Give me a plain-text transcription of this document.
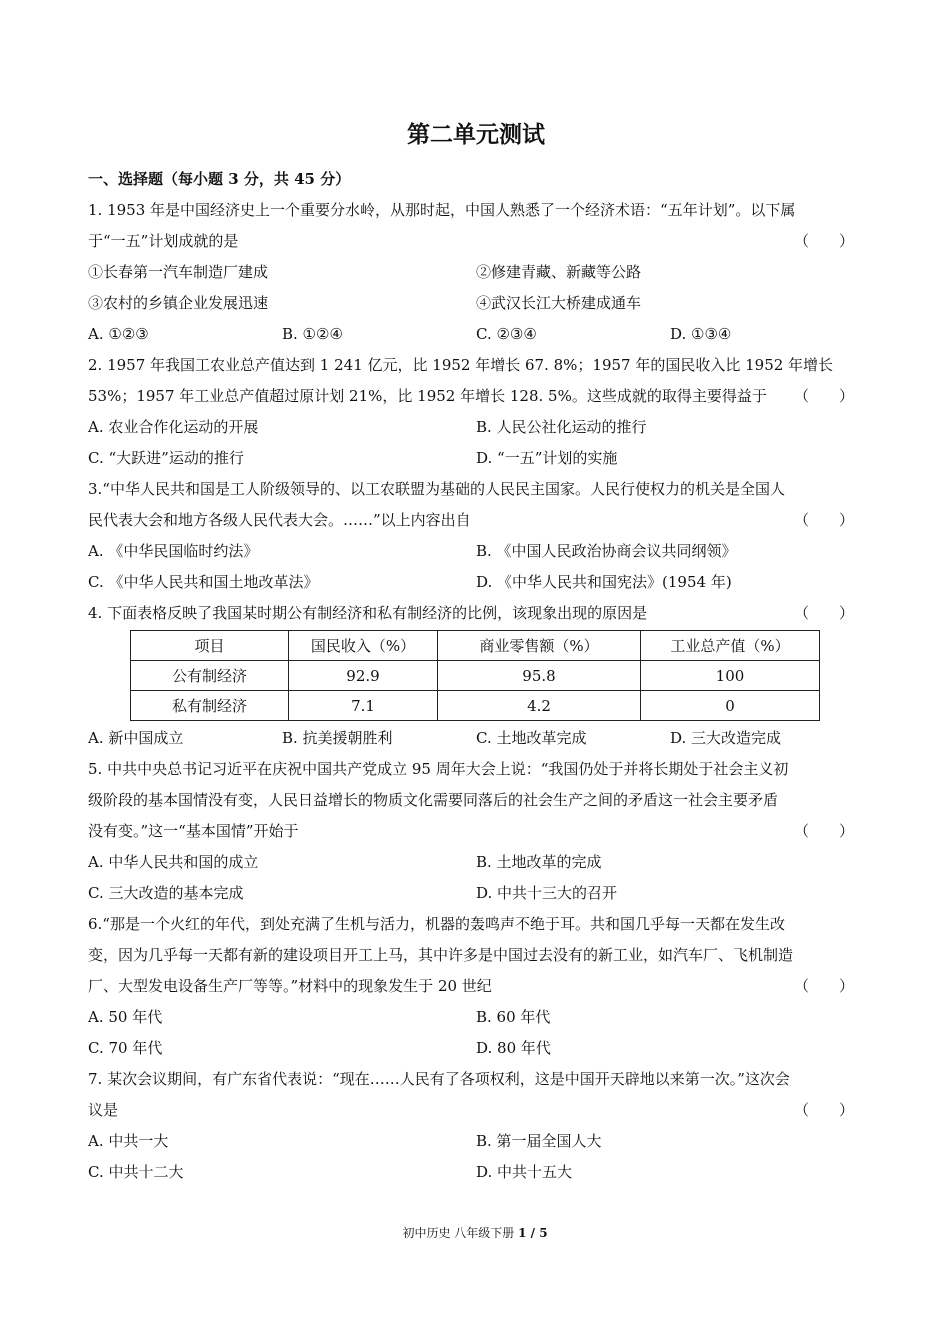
第二单元测试
一、选择题（每小题 3 分，共 45 分）
1. 1953 年是中国经济史上一个重要分水岭，从那时起，中国人熟悉了一个经济术语：“五年计划”。以下属
于“一五”计划成就的是	（　　）
①长春第一汽车制造厂建成	②修建青藏、新藏等公路
③农村的乡镇企业发展迅速	④武汉长江大桥建成通车
A. ①②③	B. ①②④	C. ②③④	D. ①③④
2. 1957 年我国工农业总产值达到 1 241 亿元，比 1952 年增长 67. 8%；1957 年的国民收入比 1952 年增长
53%；1957 年工业总产值超过原计划 21%，比 1952 年增长 128. 5%。这些成就的取得主要得益于 （　　）
A. 农业合作化运动的开展	B. 人民公社化运动的推行
C. “大跃进”运动的推行	D. “一五”计划的实施
3.“中华人民共和国是工人阶级领导的、以工农联盟为基础的人民民主国家。人民行使权力的机关是全国人
民代表大会和地方各级人民代表大会。……”以上内容出自	（　　）
A. 《中华民国临时约法》	B. 《中国人民政治协商会议共同纲领》
C. 《中华人民共和国土地改革法》	D. 《中华人民共和国宪法》(1954 年)
4. 下面表格反映了我国某时期公有制经济和私有制经济的比例，该现象出现的原因是	（　　）
项目	国民收入（%）	商业零售额（%）	工业总产值（%）
公有制经济	92.9	95.8	100
私有制经济	7.1	4.2	0
A. 新中国成立	B. 抗美援朝胜利	C. 土地改革完成	D. 三大改造完成
5. 中共中央总书记习近平在庆祝中国共产党成立 95 周年大会上说：“我国仍处于并将长期处于社会主义初
级阶段的基本国情没有变，人民日益增长的物质文化需要同落后的社会生产之间的矛盾这一社会主要矛盾
没有变。”这一“基本国情”开始于	（　　）
A. 中华人民共和国的成立	B. 土地改革的完成
C. 三大改造的基本完成	D. 中共十三大的召开
6.“那是一个火红的年代，到处充满了生机与活力，机器的轰鸣声不绝于耳。共和国几乎每一天都在发生改
变，因为几乎每一天都有新的建设项目开工上马，其中许多是中国过去没有的新工业，如汽车厂、飞机制造
厂、大型发电设备生产厂等等。”材料中的现象发生于 20 世纪	（　　）
A. 50 年代	B. 60 年代
C. 70 年代	D. 80 年代
7. 某次会议期间，有广东省代表说：“现在……人民有了各项权利，这是中国开天辟地以来第一次。”这次会
议是	（　　）
A. 中共一大	B. 第一届全国人大
C. 中共十二大	D. 中共十五大
初中历史 八年级下册 1 / 5
